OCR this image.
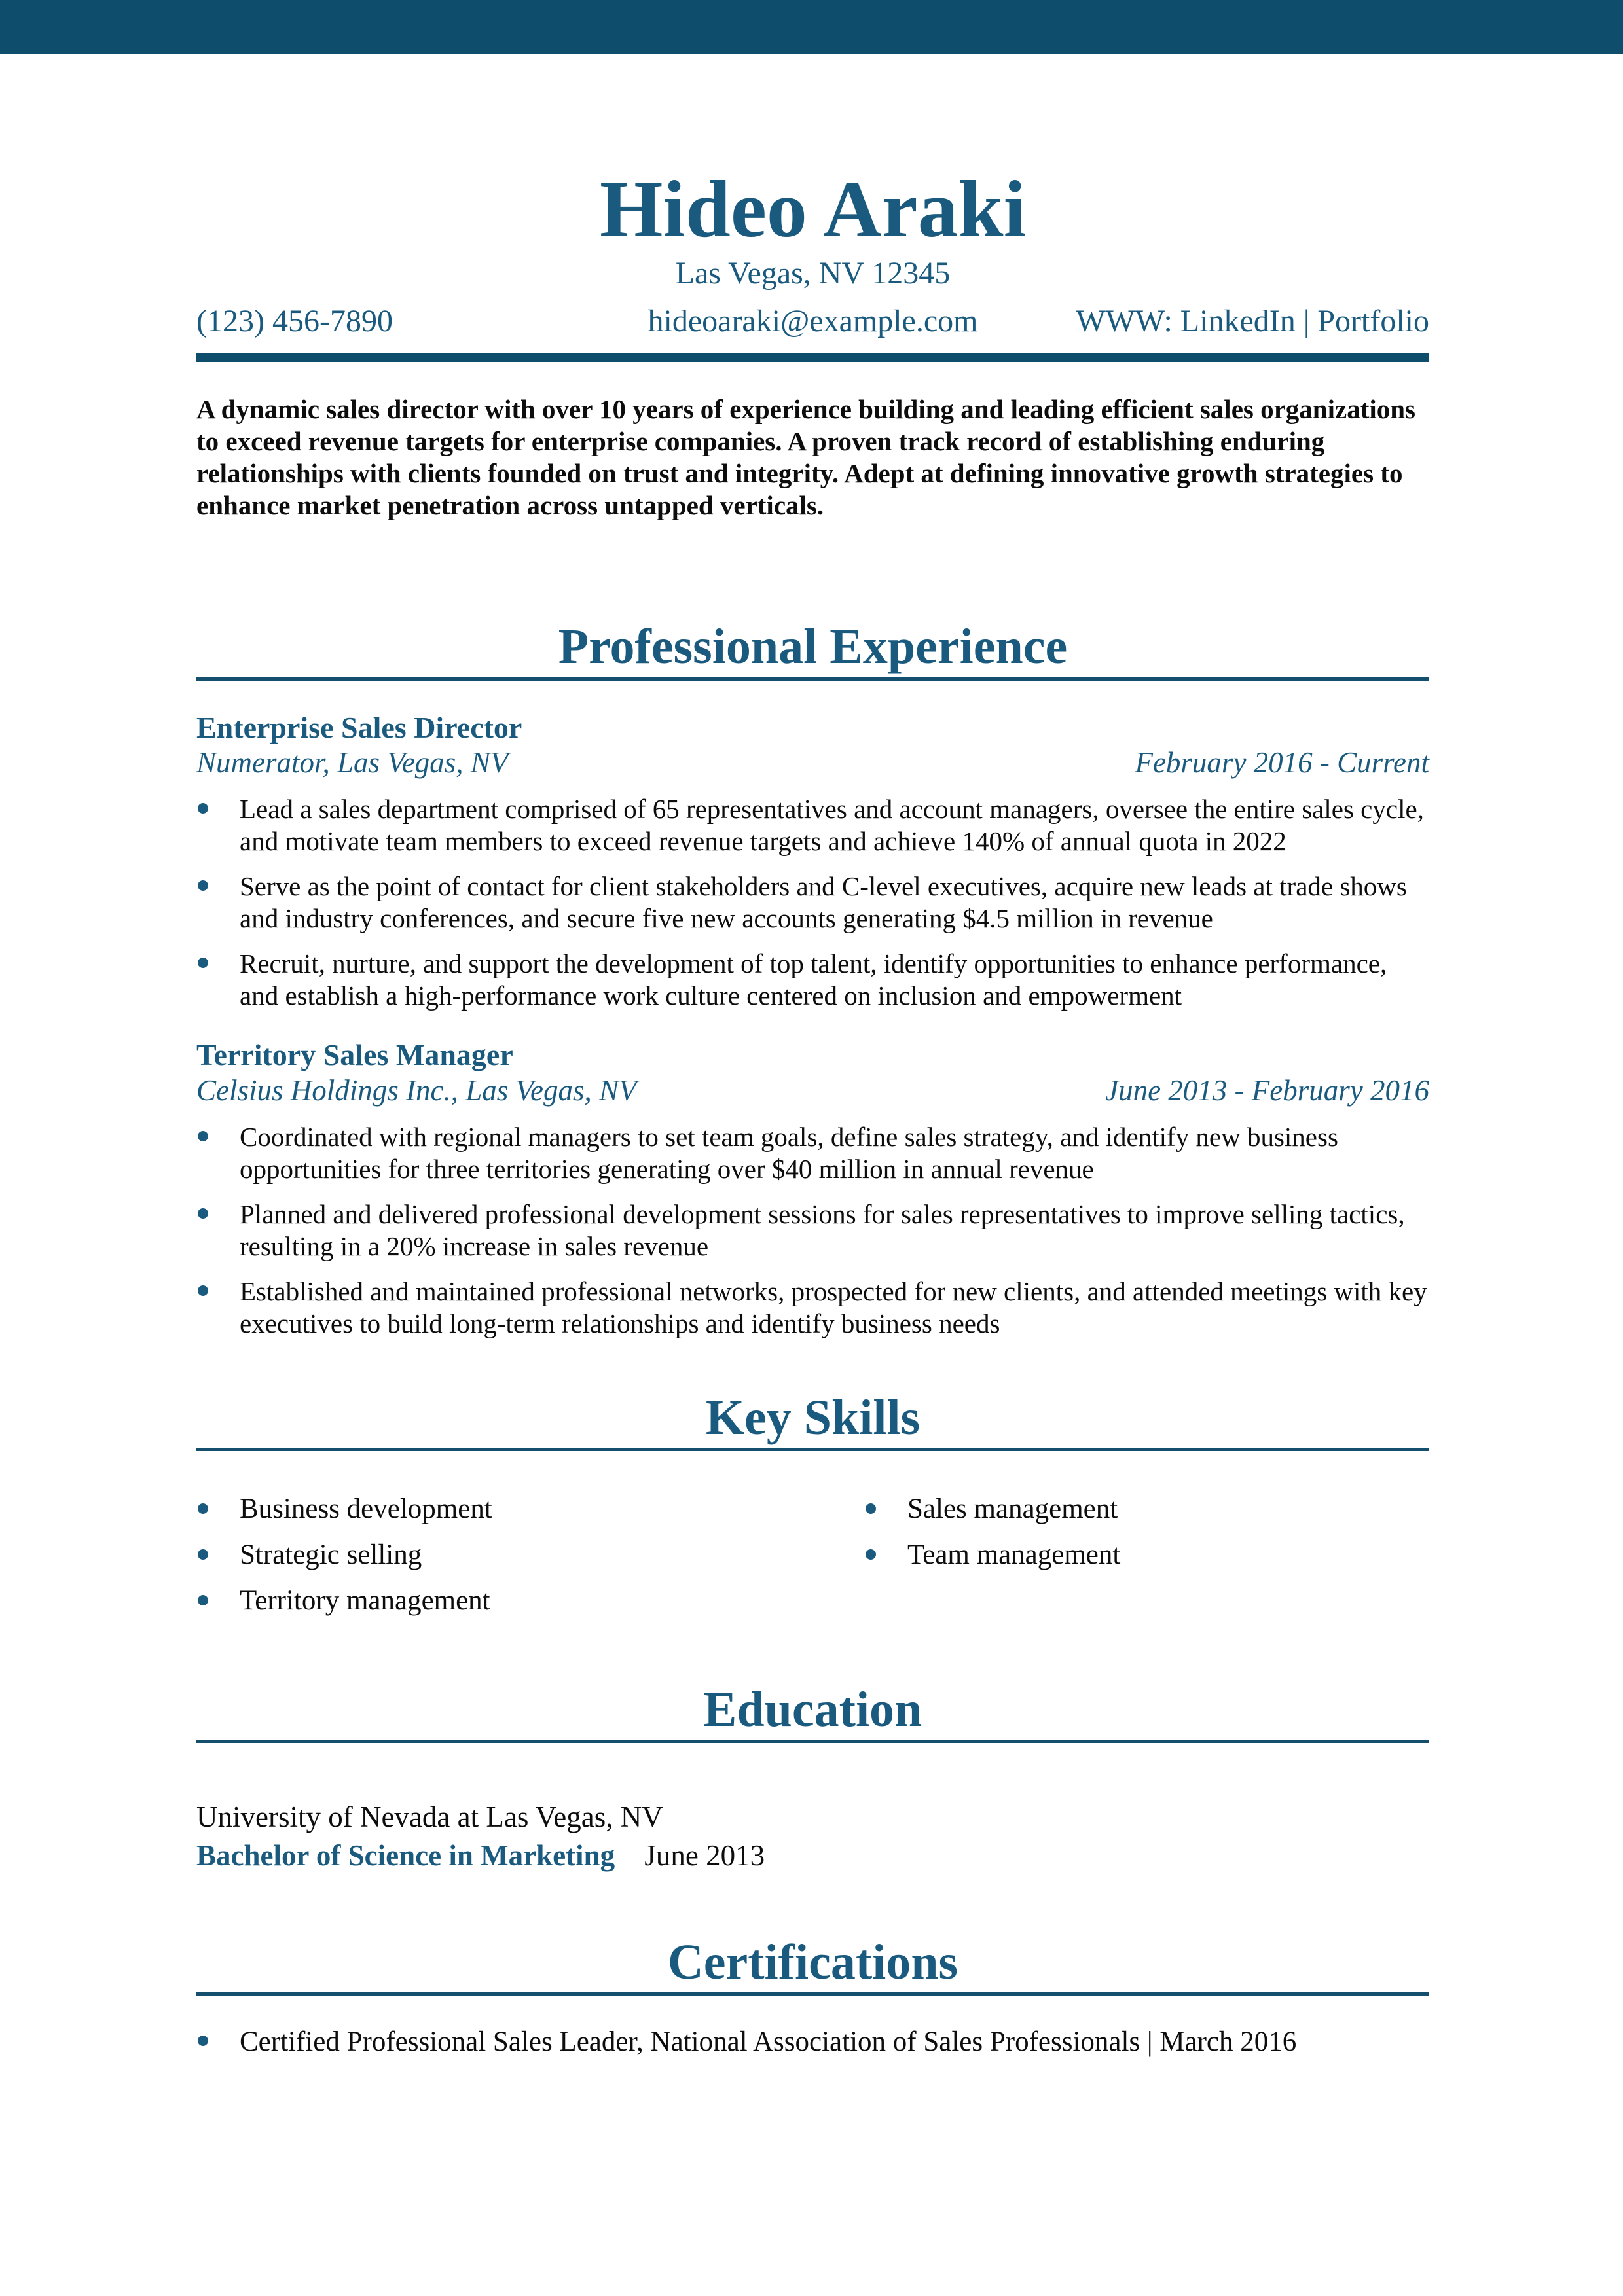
Hideo Araki
Las Vegas, NV 12345
(123) 456-7890	hideoaraki@example.com	WWW: LinkedIn | Portfolio

A dynamic sales director with over 10 years of experience building and leading efficient sales organizations to exceed revenue targets for enterprise companies. A proven track record of establishing enduring relationships with clients founded on trust and integrity. Adept at defining innovative growth strategies to enhance market penetration across untapped verticals.

Professional Experience
Enterprise Sales Director
Numerator, Las Vegas, NV	February 2016 - Current
Lead a sales department comprised of 65 representatives and account managers, oversee the entire sales cycle, and motivate team members to exceed revenue targets and achieve 140% of annual quota in 2022
Serve as the point of contact for client stakeholders and C-level executives, acquire new leads at trade shows and industry conferences, and secure five new accounts generating $4.5 million in revenue
Recruit, nurture, and support the development of top talent, identify opportunities to enhance performance, and establish a high-performance work culture centered on inclusion and empowerment
Territory Sales Manager
Celsius Holdings Inc., Las Vegas, NV	June 2013 - February 2016
Coordinated with regional managers to set team goals, define sales strategy, and identify new business opportunities for three territories generating over $40 million in annual revenue
Planned and delivered professional development sessions for sales representatives to improve selling tactics, resulting in a 20% increase in sales revenue
Established and maintained professional networks, prospected for new clients, and attended meetings with key executives to build long-term relationships and identify business needs
Key Skills
Business development
Strategic selling
Territory management
Sales management
Team management
Education
University of Nevada at Las Vegas, NV
Bachelor of Science in Marketing June 2013
Certifications
Certified Professional Sales Leader, National Association of Sales Professionals | March 2016
